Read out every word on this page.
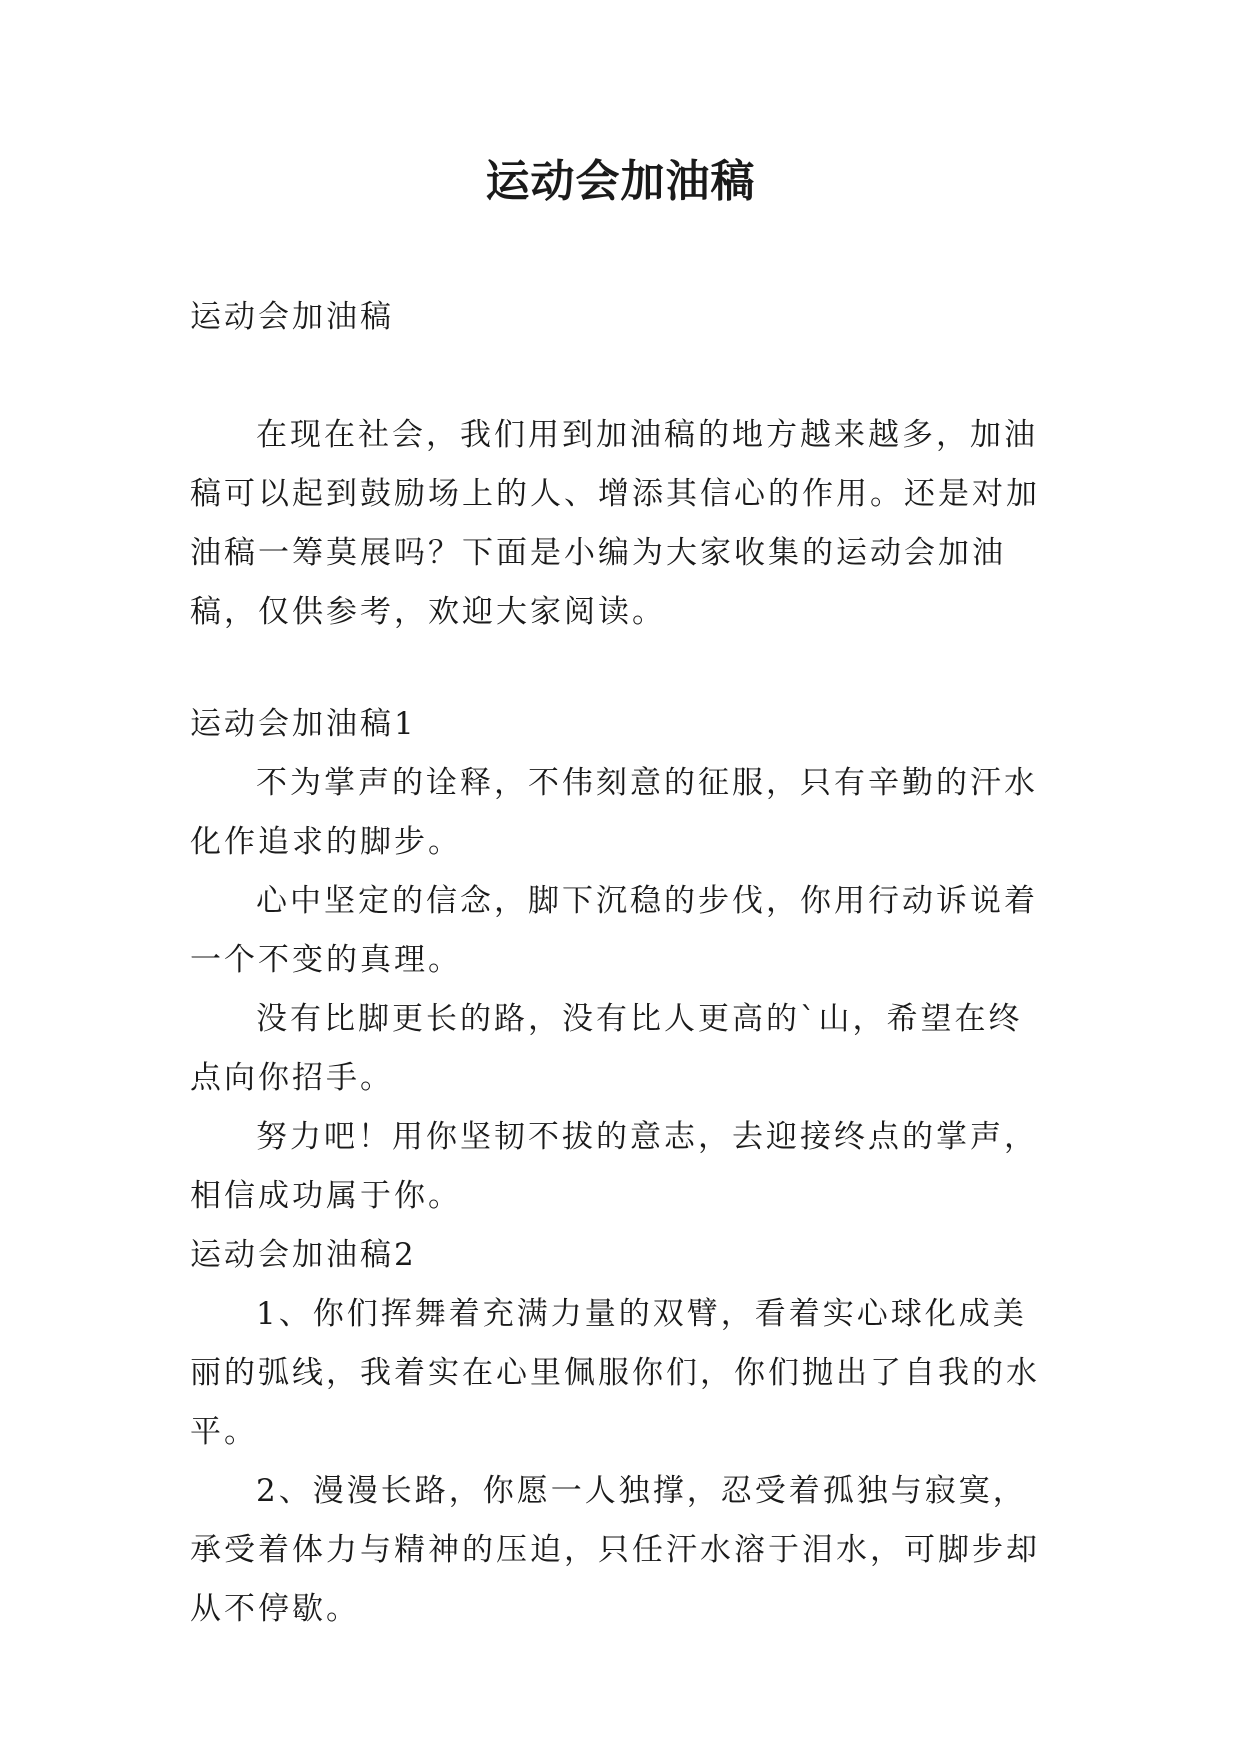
运动会加油稿

运动会加油稿

在现在社会，我们用到加油稿的地方越来越多，加油稿可以起到鼓励场上的人、增添其信心的作用。还是对加油稿一筹莫展吗？下面是小编为大家收集的运动会加油稿，仅供参考，欢迎大家阅读。

运动会加油稿1

不为掌声的诠释，不伟刻意的征服，只有辛勤的汗水化作追求的脚步。

心中坚定的信念，脚下沉稳的步伐，你用行动诉说着一个不变的真理。

没有比脚更长的路，没有比人更高的`山，希望在终点向你招手。

努力吧！用你坚韧不拔的意志，去迎接终点的掌声，相信成功属于你。

运动会加油稿2

1、你们挥舞着充满力量的双臂，看着实心球化成美丽的弧线，我着实在心里佩服你们，你们抛出了自我的水平。

2、漫漫长路，你愿一人独撑，忍受着孤独与寂寞，承受着体力与精神的压迫，只任汗水溶于泪水，可脚步却从不停歇。
